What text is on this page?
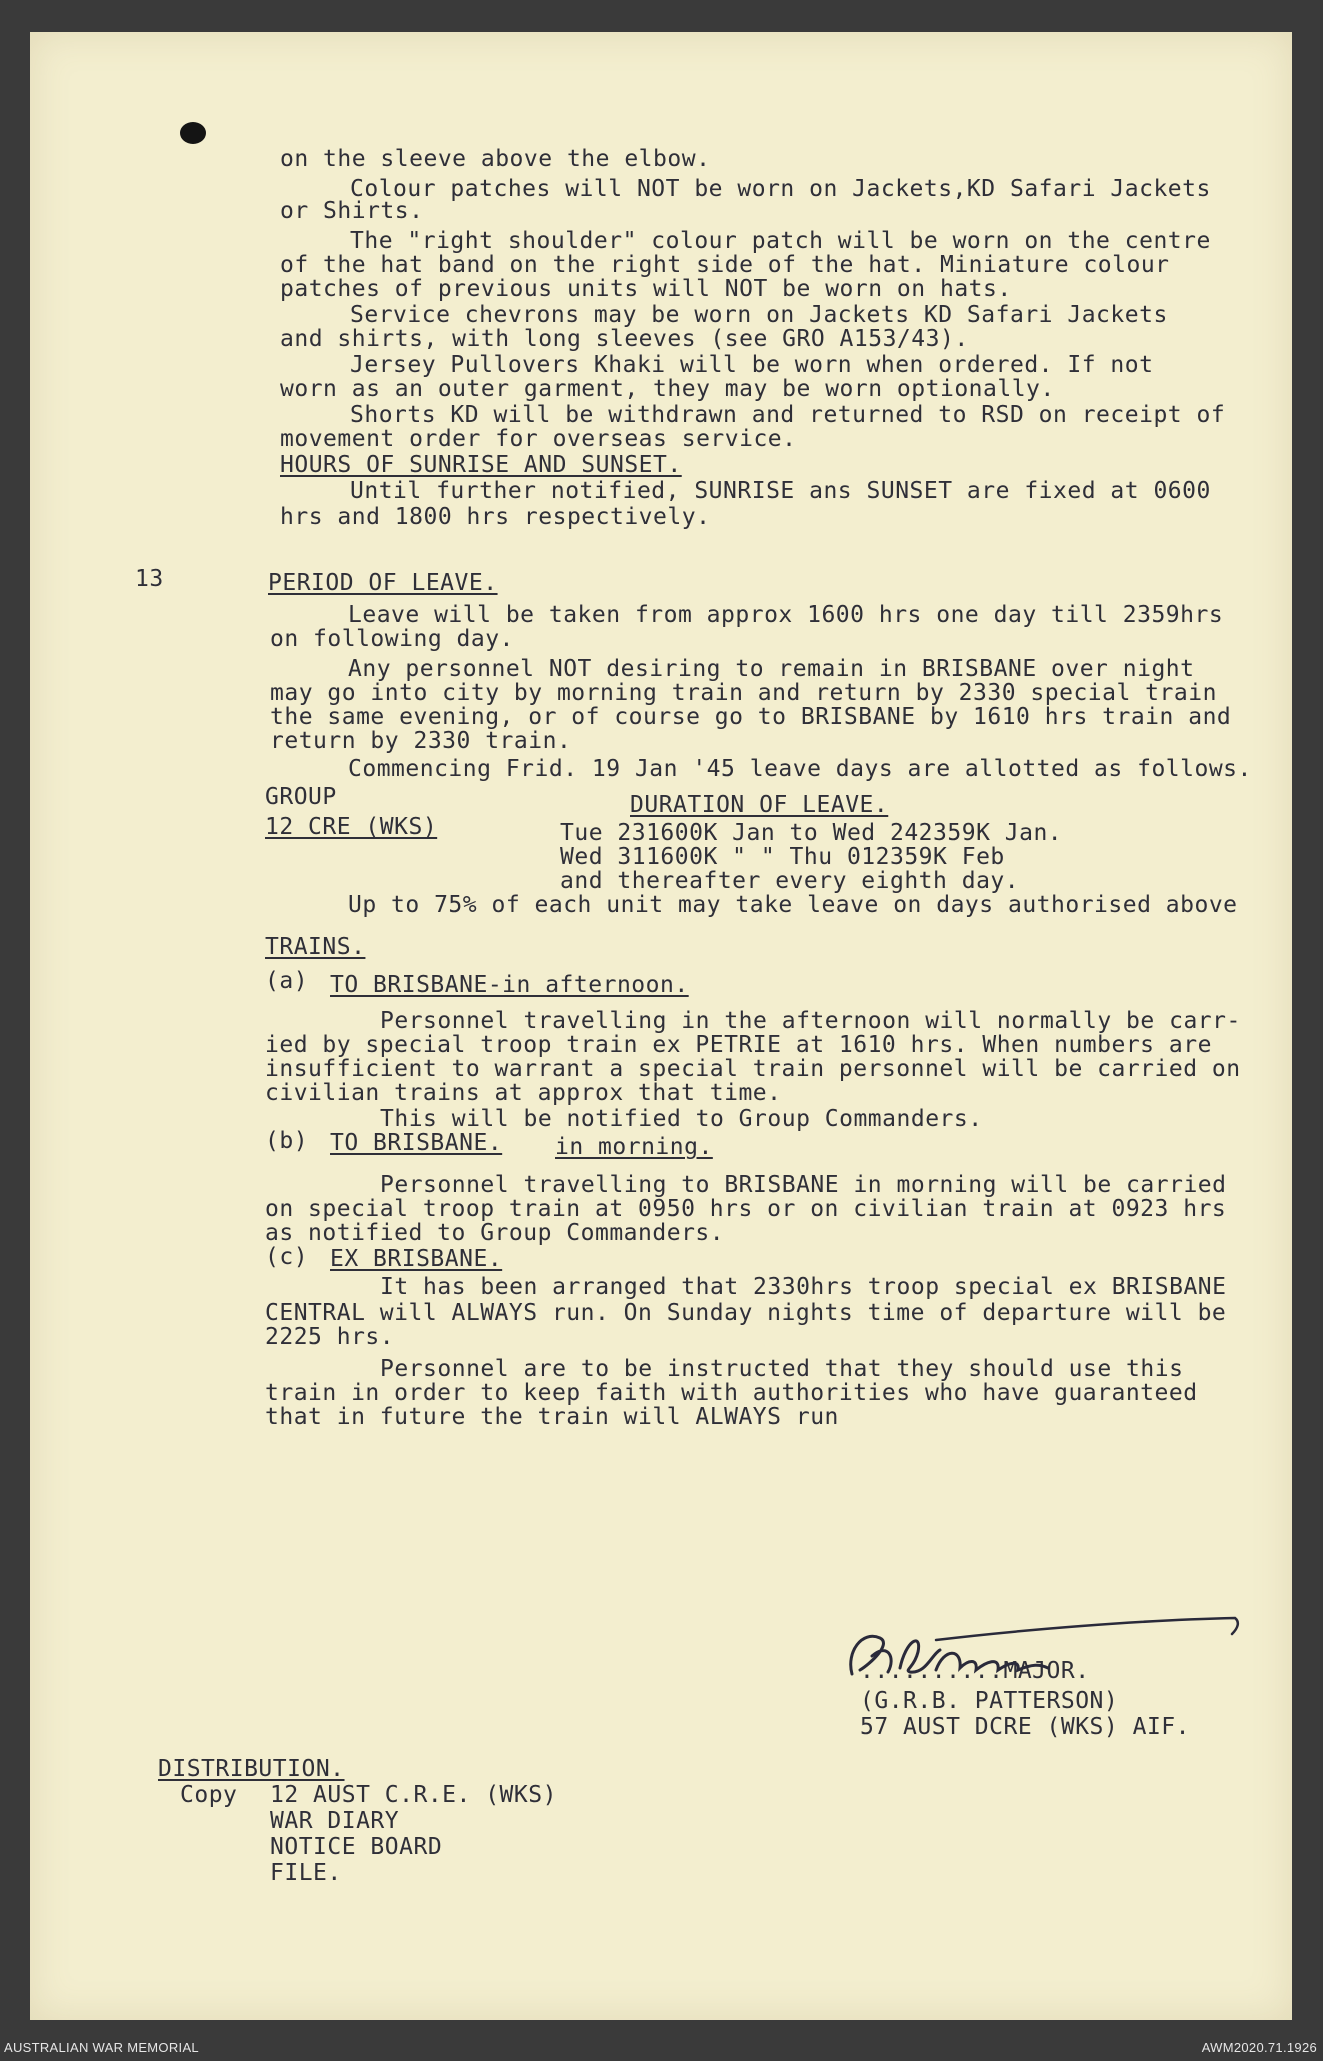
on the sleeve above the elbow.
Colour patches will NOT be worn on Jackets,KD Safari Jackets
or Shirts.
The "right shoulder" colour patch will be worn on the centre
of the hat band on the right side of the hat. Miniature colour
patches of previous units will NOT be worn on hats.
Service chevrons may be worn on Jackets KD Safari Jackets
and shirts, with long sleeves (see GRO A153/43).
Jersey Pullovers Khaki will be worn when ordered. If not
worn as an outer garment, they may be worn optionally.
Shorts KD will be withdrawn and returned to RSD on receipt of
movement order for overseas service.
HOURS OF SUNRISE AND SUNSET.
Until further notified, SUNRISE ans SUNSET are fixed at 0600
hrs and 1800 hrs respectively.
13	PERIOD OF LEAVE.
Leave will be taken from approx 1600 hrs one day till 2359hrs
on following day.
Any personnel NOT desiring to remain in BRISBANE over night
may go into city by morning train and return by 2330 special train
the same evening, or of course go to BRISBANE by 1610 hrs train and
return by 2330 train.
Commencing Frid. 19 Jan '45 leave days are allotted as follows.
GROUP	DURATION OF LEAVE.
12 CRE (WKS)	Tue 231600K Jan to Wed 242359K Jan.
Wed 311600K " " Thu 012359K Feb
and thereafter every eighth day.
Up to 75% of each unit may take leave on days authorised above
TRAINS.
(a) TO BRISBANE-in afternoon.
Personnel travelling in the afternoon will normally be carr-
ied by special troop train ex PETRIE at 1610 hrs. When numbers are
insufficient to warrant a special train personnel will be carried on
civilian trains at approx that time.
This will be notified to Group Commanders.
(b) TO BRISBANE. in morning.
Personnel travelling to BRISBANE in morning will be carried
on special troop train at 0950 hrs or on civilian train at 0923 hrs
as notified to Group Commanders.
(c) EX BRISBANE.
It has been arranged that 2330hrs troop special ex BRISBANE
CENTRAL will ALWAYS run. On Sunday nights time of departure will be
2225 hrs.
Personnel are to be instructed that they should use this
train in order to keep faith with authorities who have guaranteed
that in future the train will ALWAYS run
..........MAJOR.
(G.R.B. PATTERSON)
57 AUST DCRE (WKS) AIF.
DISTRIBUTION.
Copy 12 AUST C.R.E. (WKS)
WAR DIARY
NOTICE BOARD
FILE.
AUSTRALIAN WAR MEMORIAL	AWM2020.71.1926
